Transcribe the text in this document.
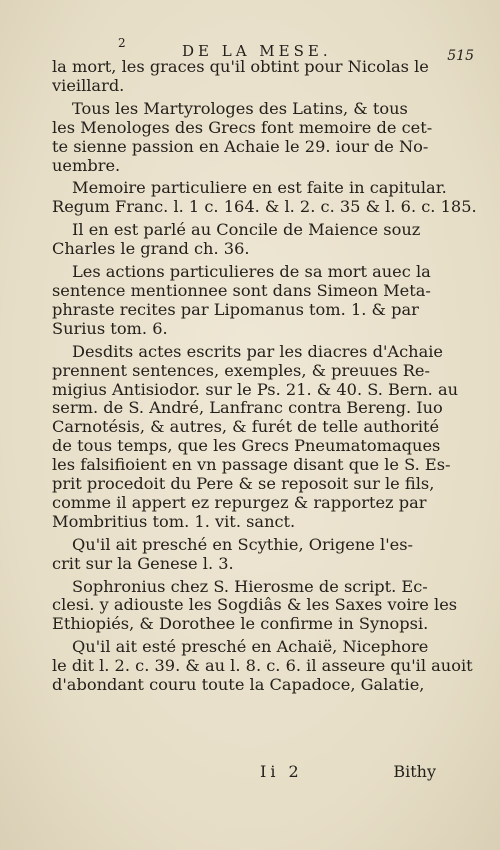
2	DE LA MESE.	515

la mort, les graces qu'il obtint pour Nicolas le
vieillard.

Tous les Martyrologes des Latins, & tous
les Menologes des Grecs font memoire de cet-
te sienne passion en Achaie le 29. iour de No-
uembre.

Memoire particuliere en est faite in capitular.
Regum Franc. l. 1 c. 164. & l. 2. c. 35 & l. 6. c. 185.

Il en est parlé au Concile de Maience souz
Charles le grand ch. 36.

Les actions particulieres de sa mort auec la
sentence mentionnee sont dans Simeon Meta-
phraste recites par Lipomanus tom. 1. & par
Surius tom. 6.

Desdits actes escrits par les diacres d'Achaie
prennent sentences, exemples, & preuues Re-
migius Antisiodor. sur le Ps. 21. & 40. S. Bern. au
serm. de S. André, Lanfranc contra Bereng. Iuo
Carnotésis, & autres, & furét de telle authorité
de tous temps, que les Grecs Pneumatomaques
les falsifioient en vn passage disant que le S. Es-
prit procedoit du Pere & se reposoit sur le fils,
comme il appert ez repurgez & rapportez par
Mombritius tom. 1. vit. sanct.

Qu'il ait presché en Scythie, Origene l'es-
crit sur la Genese l. 3.

Sophronius chez S. Hierosme de script. Ec-
clesi. y adiouste les Sogdiâs & les Saxes voire les
Ethiopiés, & Dorothee le confirme in Synopsi.

Qu'il ait esté presché en Achaië, Nicephore
le dit l. 2. c. 39. & au l. 8. c. 6. il asseure qu'il auoit
d'abondant couru toute la Capadoce, Galatie,

Ii 2	Bithy
